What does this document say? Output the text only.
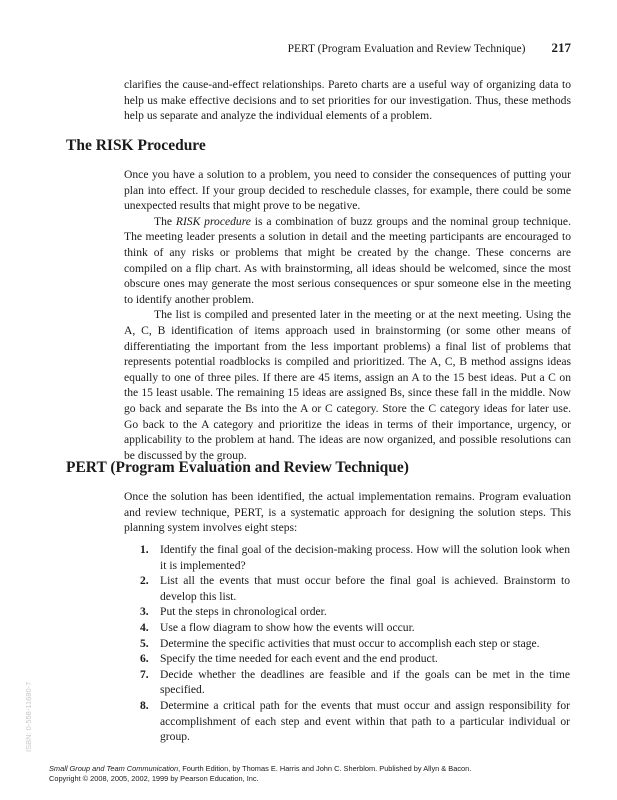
PERT (Program Evaluation and Review Technique) 217

clarifies the cause-and-effect relationships. Pareto charts are a useful way of organizing data to help us make effective decisions and to set priorities for our investigation. Thus, these methods help us separate and analyze the individual elements of a problem.

The RISK Procedure

Once you have a solution to a problem, you need to consider the consequences of putting your plan into effect. If your group decided to reschedule classes, for example, there could be some unexpected results that might prove to be negative.

The RISK procedure is a combination of buzz groups and the nominal group technique. The meeting leader presents a solution in detail and the meeting participants are encouraged to think of any risks or problems that might be created by the change. These concerns are compiled on a flip chart. As with brainstorming, all ideas should be welcomed, since the most obscure ones may generate the most serious consequences or spur someone else in the meeting to identify another problem.

The list is compiled and presented later in the meeting or at the next meeting. Using the A, C, B identification of items approach used in brainstorming (or some other means of differentiating the important from the less important problems) a final list of problems that represents potential roadblocks is compiled and prioritized. The A, C, B method assigns ideas equally to one of three piles. If there are 45 items, assign an A to the 15 best ideas. Put a C on the 15 least usable. The remaining 15 ideas are assigned Bs, since these fall in the middle. Now go back and separate the Bs into the A or C category. Store the C category ideas for later use. Go back to the A category and prioritize the ideas in terms of their importance, urgency, or applicability to the problem at hand. The ideas are now organized, and possible resolutions can be discussed by the group.

PERT (Program Evaluation and Review Technique)

Once the solution has been identified, the actual implementation remains. Program evaluation and review technique, PERT, is a systematic approach for designing the solution steps. This planning system involves eight steps:

1. Identify the final goal of the decision-making process. How will the solution look when it is implemented?
2. List all the events that must occur before the final goal is achieved. Brainstorm to develop this list.
3. Put the steps in chronological order.
4. Use a flow diagram to show how the events will occur.
5. Determine the specific activities that must occur to accomplish each step or stage.
6. Specify the time needed for each event and the end product.
7. Decide whether the deadlines are feasible and if the goals can be met in the time specified.
8. Determine a critical path for the events that must occur and assign responsibility for accomplishment of each step and event within that path to a particular individual or group.
ISBN: 0-558-11680-7
Small Group and Team Communication, Fourth Edition, by Thomas E. Harris and John C. Sherblom. Published by Allyn & Bacon.
Copyright © 2008, 2005, 2002, 1999 by Pearson Education, Inc.
